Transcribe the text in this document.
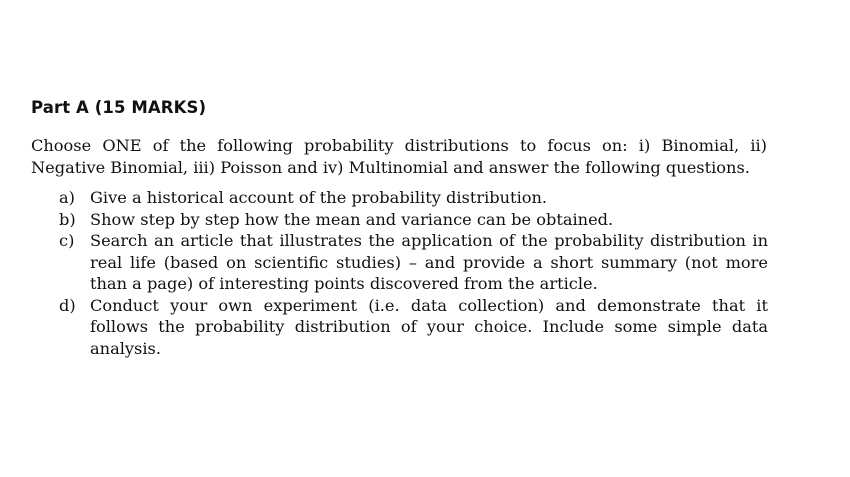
Part A (15 MARKS)

Choose ONE of the following probability distributions to focus on: i) Binomial, ii) Negative Binomial, iii) Poisson and iv) Multinomial and answer the following questions.

a) Give a historical account of the probability distribution.
b) Show step by step how the mean and variance can be obtained.
c) Search an article that illustrates the application of the probability distribution in real life (based on scientific studies) – and provide a short summary (not more than a page) of interesting points discovered from the article.
d) Conduct your own experiment (i.e. data collection) and demonstrate that it follows the probability distribution of your choice. Include some simple data analysis.
